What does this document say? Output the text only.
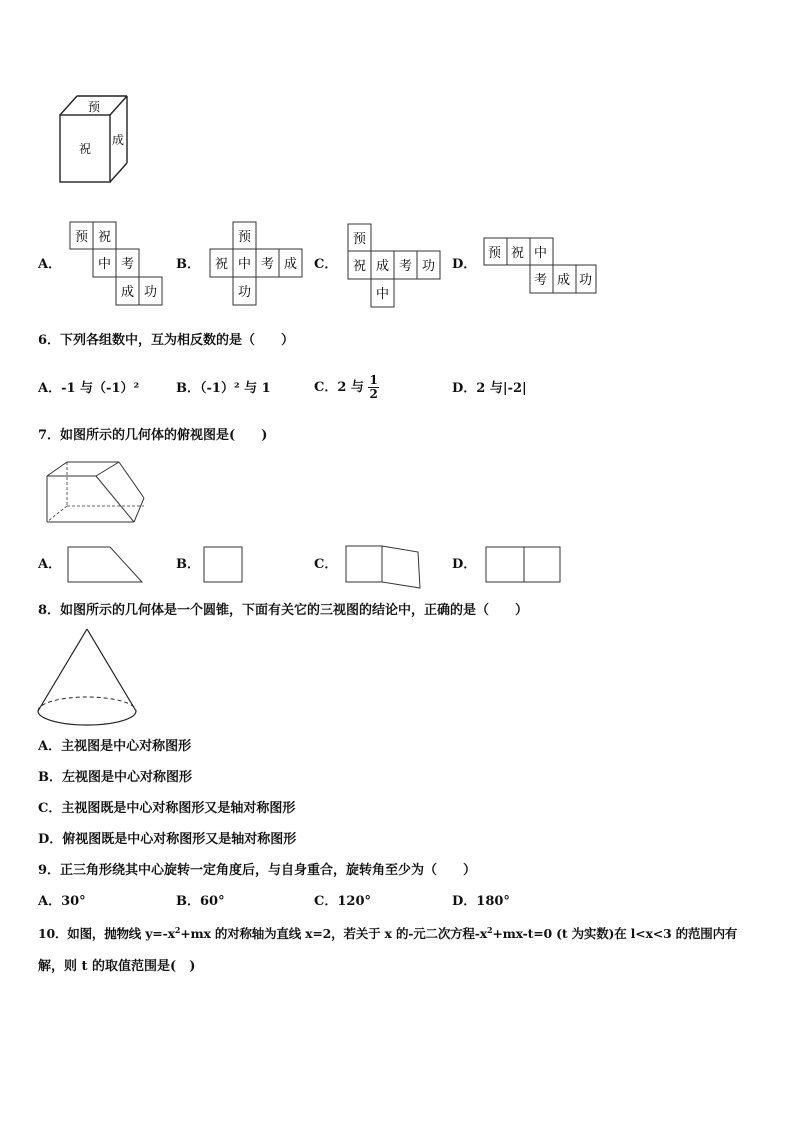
预
祝
成
A．	B．	C．	D．
预 祝
中 考
成 功
预
祝 中 考 成
功
预
祝 成 考 功
中
预 祝 中
考 成 功
6．下列各组数中，互为相反数的是（　　）
A．-1 与（-1）²	B．（-1）² 与 1	C．2 与 $\frac{1}{2}$	D．2 与|-2|
7．如图所示的几何体的俯视图是(　　)
A．	B．	C．	D．
8．如图所示的几何体是一个圆锥，下面有关它的三视图的结论中，正确的是（　　）
A．主视图是中心对称图形
B．左视图是中心对称图形
C．主视图既是中心对称图形又是轴对称图形
D．俯视图既是中心对称图形又是轴对称图形
9．正三角形绕其中心旋转一定角度后，与自身重合，旋转角至少为（　　）
A．30°	B．60°	C．120°	D．180°
10．如图，抛物线 $y=-x^2+mx$ 的对称轴为直线 x=2，若关于 x 的-元二次方程$-x^2+mx-t=0$ (t 为实数)在 l<x<3 的范围内有
解，则 t 的取值范围是(　)
